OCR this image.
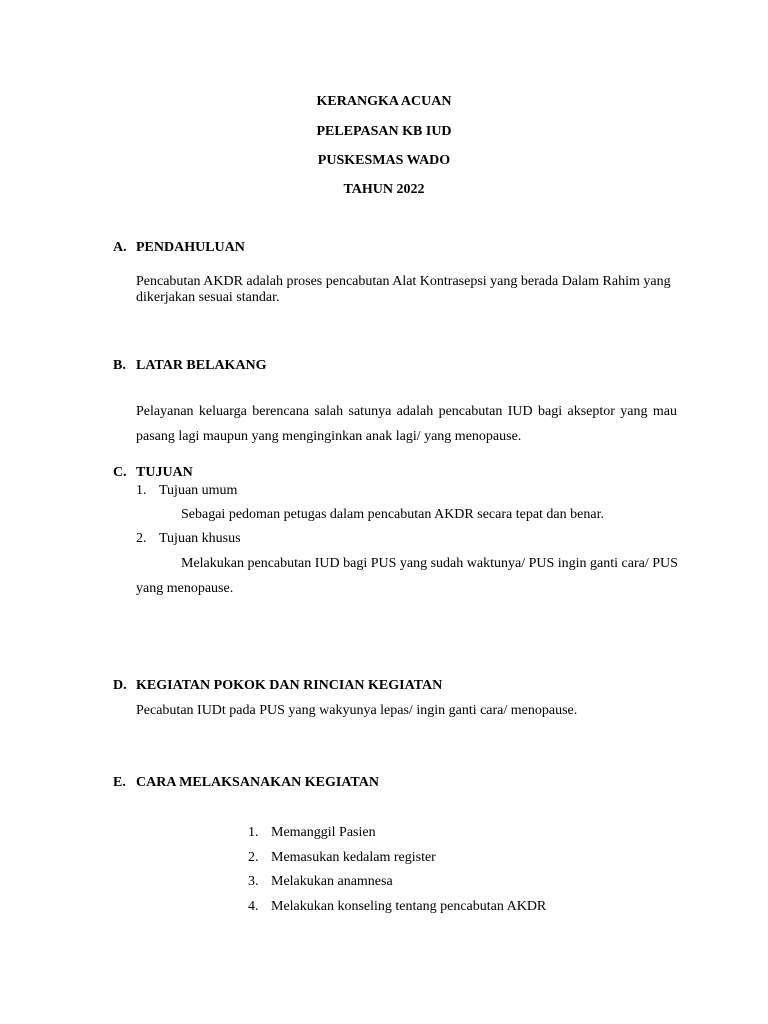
KERANGKA ACUAN
PELEPASAN KB IUD
PUSKESMAS WADO
TAHUN 2022
A. PENDAHULUAN
Pencabutan AKDR adalah proses pencabutan Alat Kontrasepsi yang berada Dalam Rahim yang
dikerjakan sesuai standar.
B. LATAR BELAKANG
Pelayanan keluarga berencana salah satunya adalah pencabutan IUD bagi akseptor yang mau
pasang lagi maupun yang menginginkan anak lagi/ yang menopause.
C. TUJUAN
1. Tujuan umum
Sebagai pedoman petugas dalam pencabutan AKDR secara tepat dan benar.
2. Tujuan khusus
Melakukan pencabutan IUD bagi PUS yang sudah waktunya/ PUS ingin ganti cara/ PUS
yang menopause.
D. KEGIATAN POKOK DAN RINCIAN KEGIATAN
Pecabutan IUDt pada PUS yang wakyunya lepas/ ingin ganti cara/ menopause.
E. CARA MELAKSANAKAN KEGIATAN
1. Memanggil Pasien
2. Memasukan kedalam register
3. Melakukan anamnesa
4. Melakukan konseling tentang pencabutan AKDR
